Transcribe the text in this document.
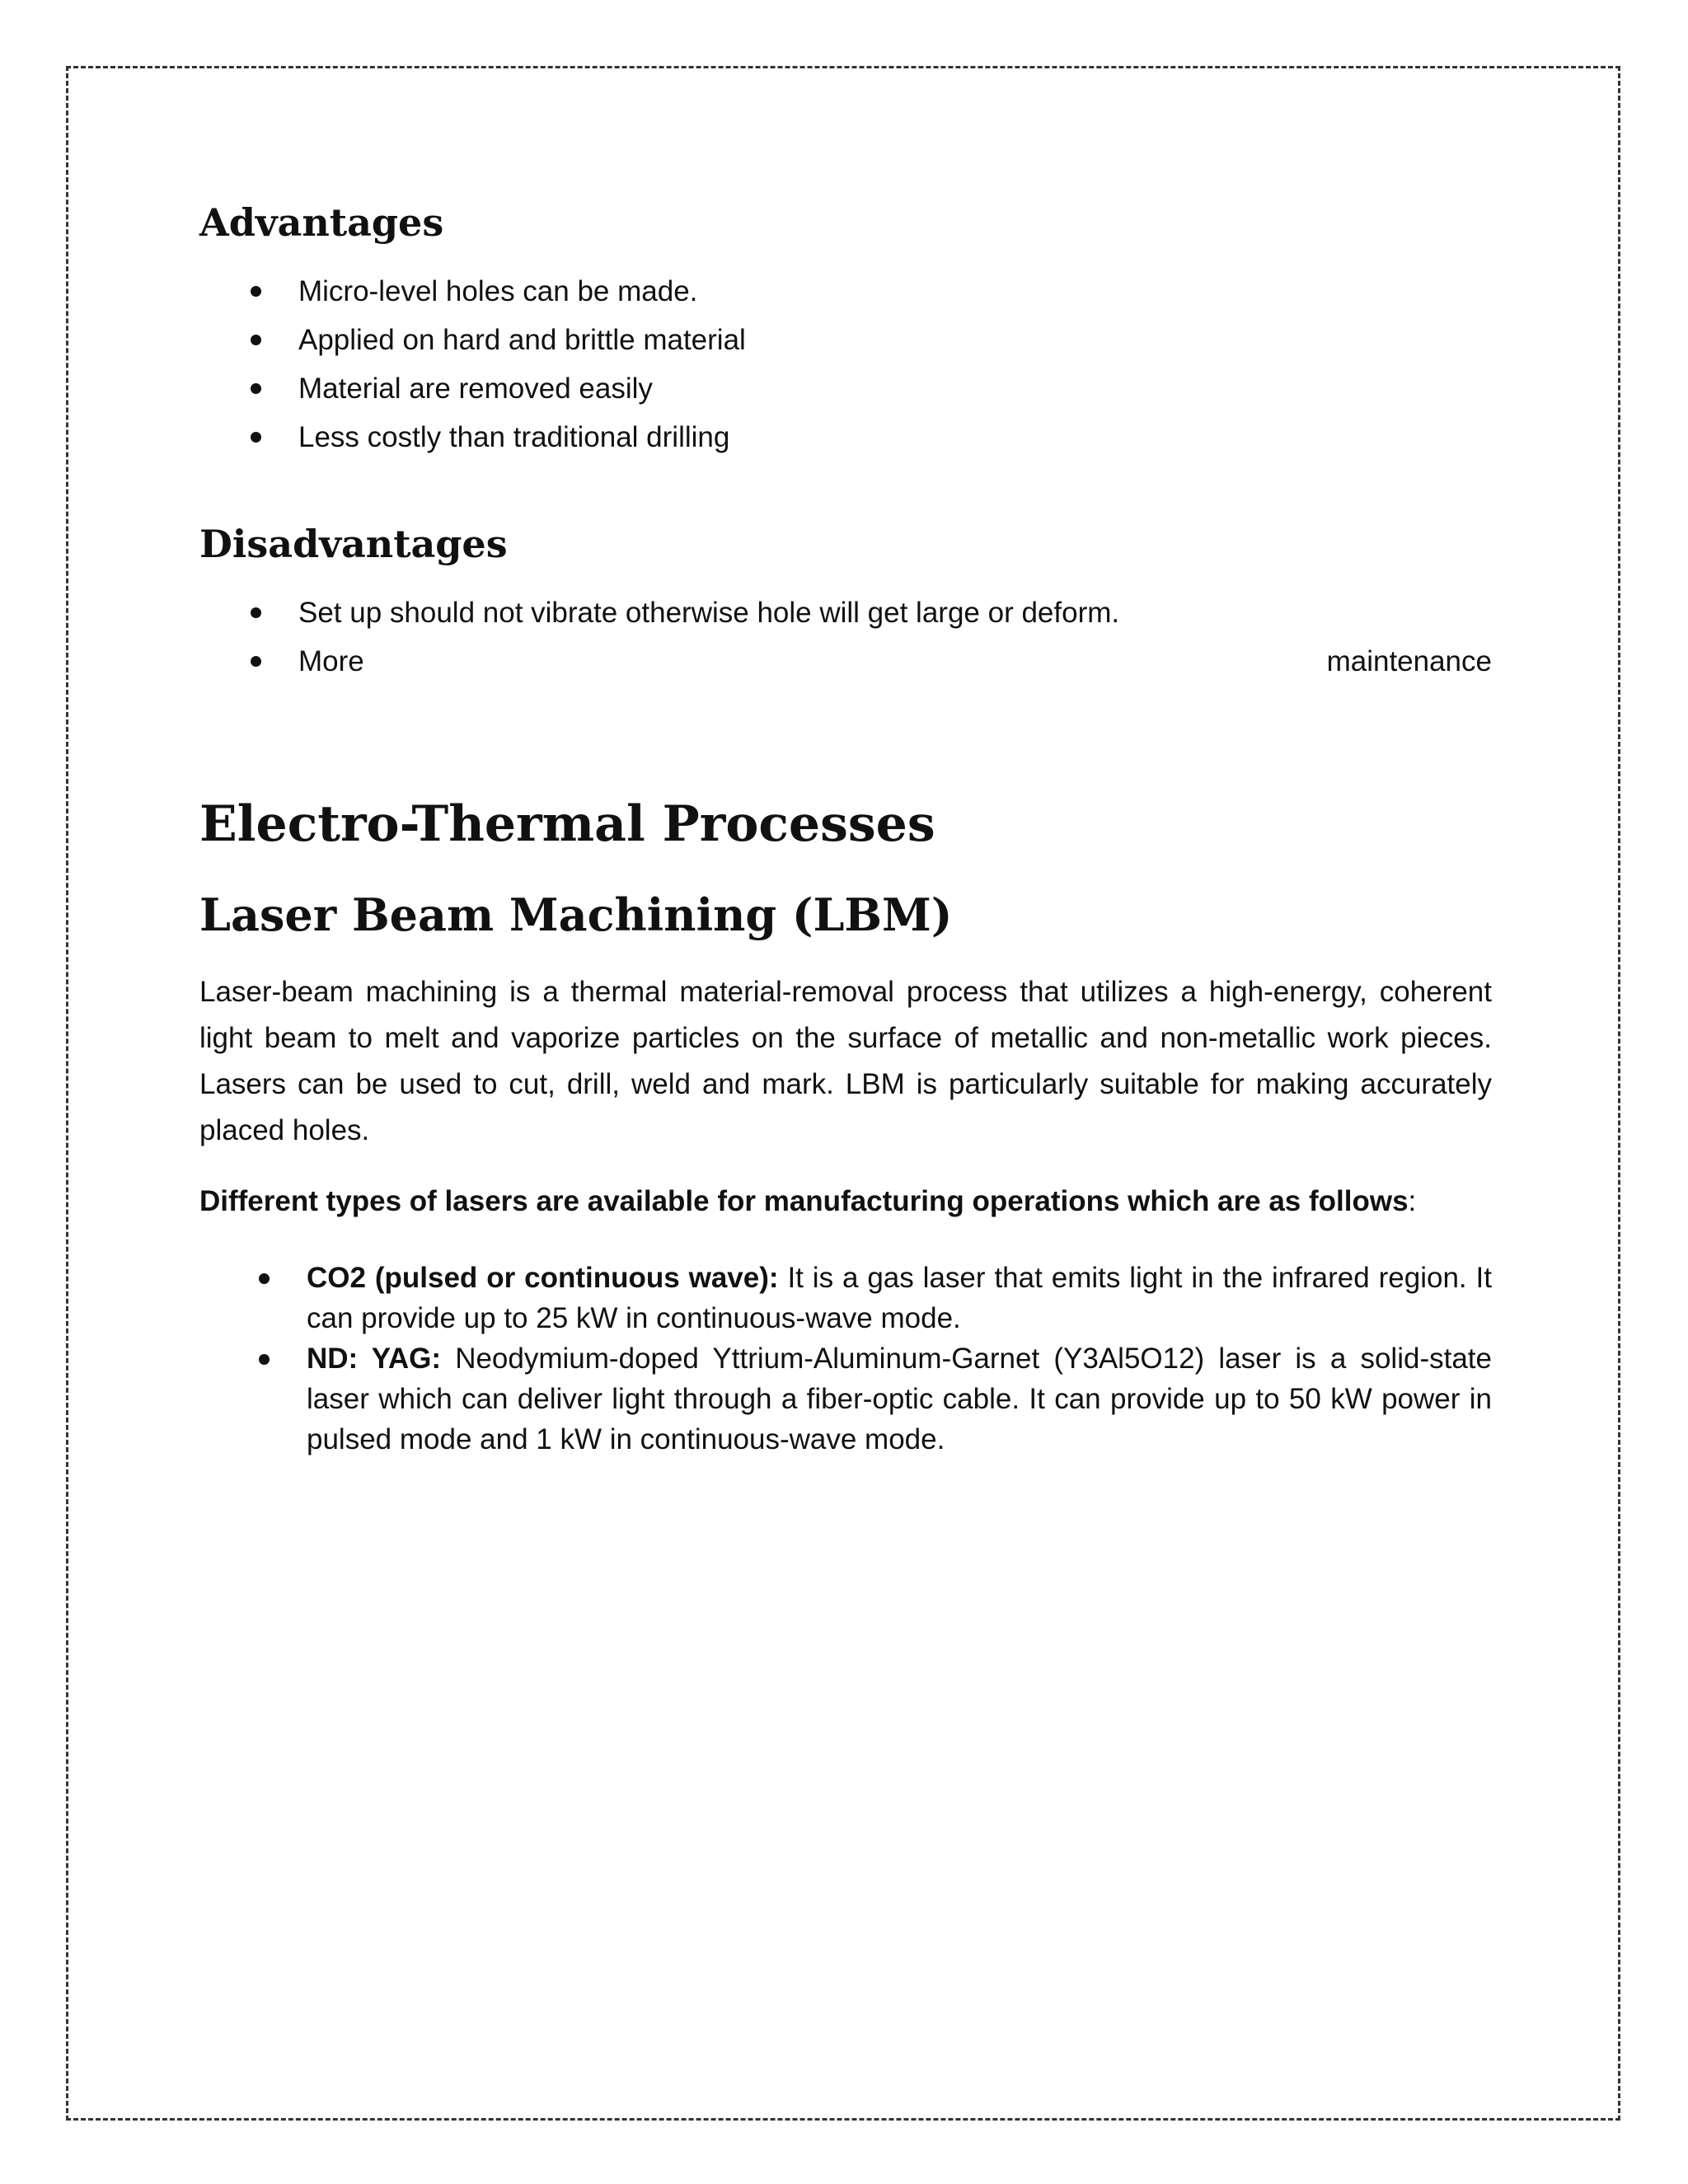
Advantages
Micro-level holes can be made.
Applied on hard and brittle material
Material are removed easily
Less costly than traditional drilling
Disadvantages
Set up should not vibrate otherwise hole will get large or deform.
More	maintenance
Electro-Thermal Processes
Laser Beam Machining (LBM)

Laser-beam machining is a thermal material-removal process that utilizes a high-energy, coherent light beam to melt and vaporize particles on the surface of metallic and non-metallic work pieces. Lasers can be used to cut, drill, weld and mark. LBM is particularly suitable for making accurately placed holes.

Different types of lasers are available for manufacturing operations which are as follows:

CO2 (pulsed or continuous wave): It is a gas laser that emits light in the infrared region. It can provide up to 25 kW in continuous-wave mode.
ND: YAG: Neodymium-doped Yttrium-Aluminum-Garnet (Y3Al5O12) laser is a solid-state laser which can deliver light through a fiber-optic cable. It can provide up to 50 kW power in pulsed mode and 1 kW in continuous-wave mode.
